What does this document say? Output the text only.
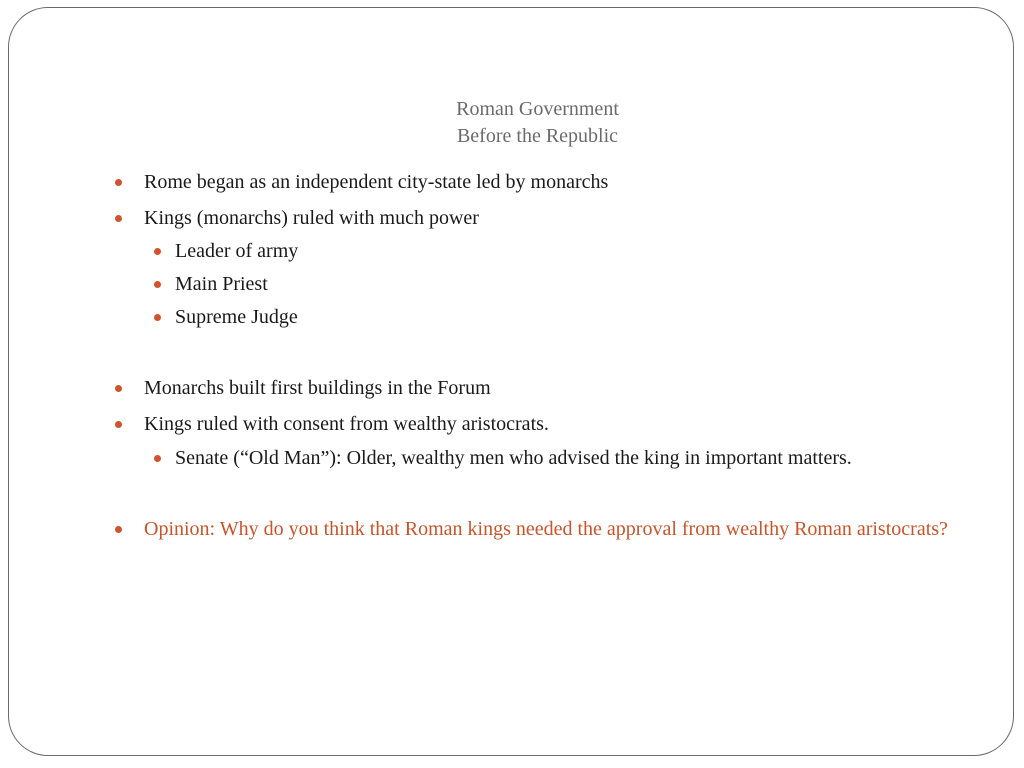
Roman Government
Before the Republic
Rome began as an independent city-state led by monarchs
Kings (monarchs) ruled with much power
Leader of army
Main Priest
Supreme Judge
Monarchs built first buildings in the Forum
Kings ruled with consent from wealthy aristocrats.
Senate (“Old Man”): Older, wealthy men who advised the king in important matters.
Opinion: Why do you think that Roman kings needed the approval from wealthy Roman aristocrats?
